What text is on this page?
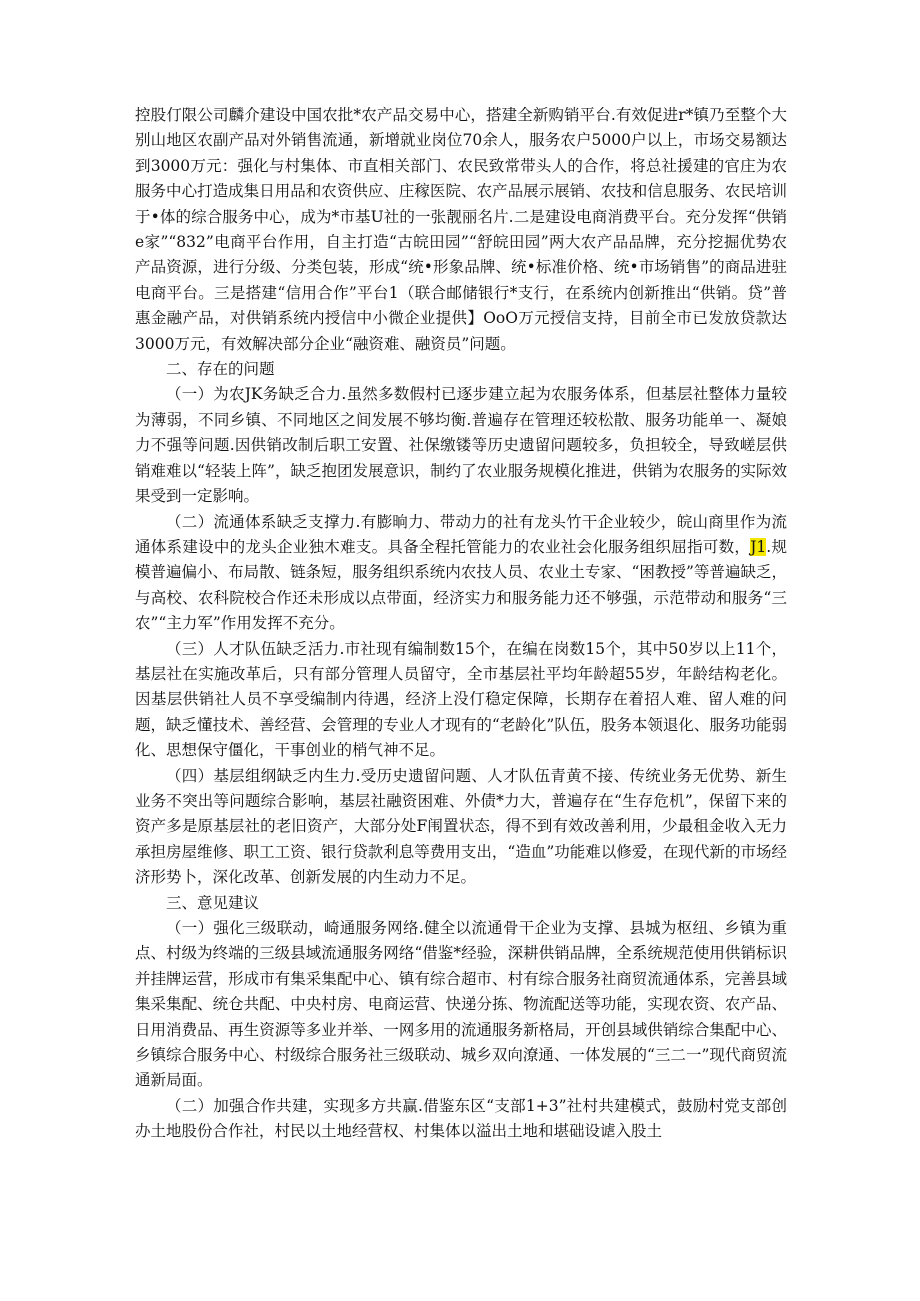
控股仃限公司麟介建设中国农批*农产品交易中心，搭建全新购销平台.有效促进r*镇乃至整个大别山地区农副产品对外销售流通，新增就业岗位70余人，服务农户5000户以上，市场交易额达到3000万元：强化与村集体、市直相关部门、农民致常带头人的合作，将总社援建的官庄为农服务中心打造成集日用品和农资供应、庄稼医院、农产品展示展销、农技和信息服务、农民培训于•体的综合服务中心，成为*市基U社的一张靓丽名片.二是建设电商消费平台。充分发挥“供销e家”“832”电商平台作用，自主打造“古皖田园”“舒皖田园”两大农产品品牌，充分挖掘优势农产品资源，进行分级、分类包装，形成“统•形象品牌、统•标准价格、统•市场销售”的商品进驻电商平台。三是搭建“信用合作”平台1（联合邮储银行*支行，在系统内创新推出“供销。贷”普惠金融产品，对供销系统内授信中小微企业提供】OoO万元授信支持，目前全市已发放贷款达3000万元，有效解决部分企业“融资难、融资员”问题。

二、存在的问题

（一）为农JK务缺乏合力.虽然多数假村已逐步建立起为农服务体系，但基层社整体力量较为薄弱，不同乡镇、不同地区之间发展不够均衡.普遍存在管理还较松散、服务功能单一、凝娘力不强等问题.因供销改制后职工安置、社保缴镂等历史遗留问题较多，负担较全，导致嵯层供销难难以“轻装上阵”，缺乏抱团发展意识，制约了农业服务规模化推进，供销为农服务的实际效果受到一定影响。

（二）流通体系缺乏支撑力.有膨晌力、带动力的社有龙头竹干企业较少，皖山商里作为流通体系建设中的龙头企业独木难支。具备全程托管能力的农业社会化服务组织屈指可数，J1.规模普遍偏小、布局散、链条短，服务组织系统内农技人员、农业土专家、“困教授”等普遍缺乏，与高校、农科院校合作还未形成以点带面，经济实力和服务能力还不够强，示范带动和服务“三农”“主力军”作用发挥不充分。

（三）人才队伍缺乏活力.市社现有编制数15个，在编在岗数15个，其中50岁以上11个，基层社在实施改革后，只有部分管理人员留守，全市基层社平均年龄超55岁，年龄结构老化。因基层供销社人员不享受编制内待遇，经济上没仃稳定保障，长期存在着招人难、留人难的问题，缺乏懂技术、善经营、会管理的专业人才现有的“老龄化”队伍，股务本领退化、服务功能弱化、思想保守僵化，干事创业的梢气神不足。

（四）基层组纲缺乏内生力.受历史遗留问题、人才队伍青黄不接、传统业务无优势、新生业务不突出等问题综合影响，基层社融资困难、外债*力大，普遍存在“生存危机”，保留下来的资产多是原基层社的老旧资产，大部分处F闱置状态，得不到有效改善利用，少最租金收入无力承担房屋维修、职工工资、银行贷款利息等费用支出，“造血”功能难以修爱，在现代新的市场经济形势卜，深化改革、创新发展的内生动力不足。

三、意见建议

（一）强化三级联动，崎通服务网络.健全以流通骨干企业为支撑、县城为枢纽、乡镇为重点、村级为终端的三级县域流通服务网络“借鉴*经验，深耕供销品牌，全系统规范使用供销标识并挂牌运营，形成市有集采集配中心、镇有综合超市、村有综合服务社商贸流通体系，完善县域集采集配、统仓共配、中央村房、电商运营、快递分拣、物流配送等功能，实现农资、农产品、日用消费品、再生资源等多业并举、一网多用的流通服务新格局，开创县域供销综合集配中心、乡镇综合服务中心、村级综合服务社三级联动、城乡双向潦通、一体发展的“三二一”现代商贸流通新局面。

（二）加强合作共建，实现多方共赢.借鉴东区“支部1+3”社村共建模式，鼓励村党支部创办土地股份合作社，村民以土地经营权、村集体以溢出土地和堪础设谑入股土
